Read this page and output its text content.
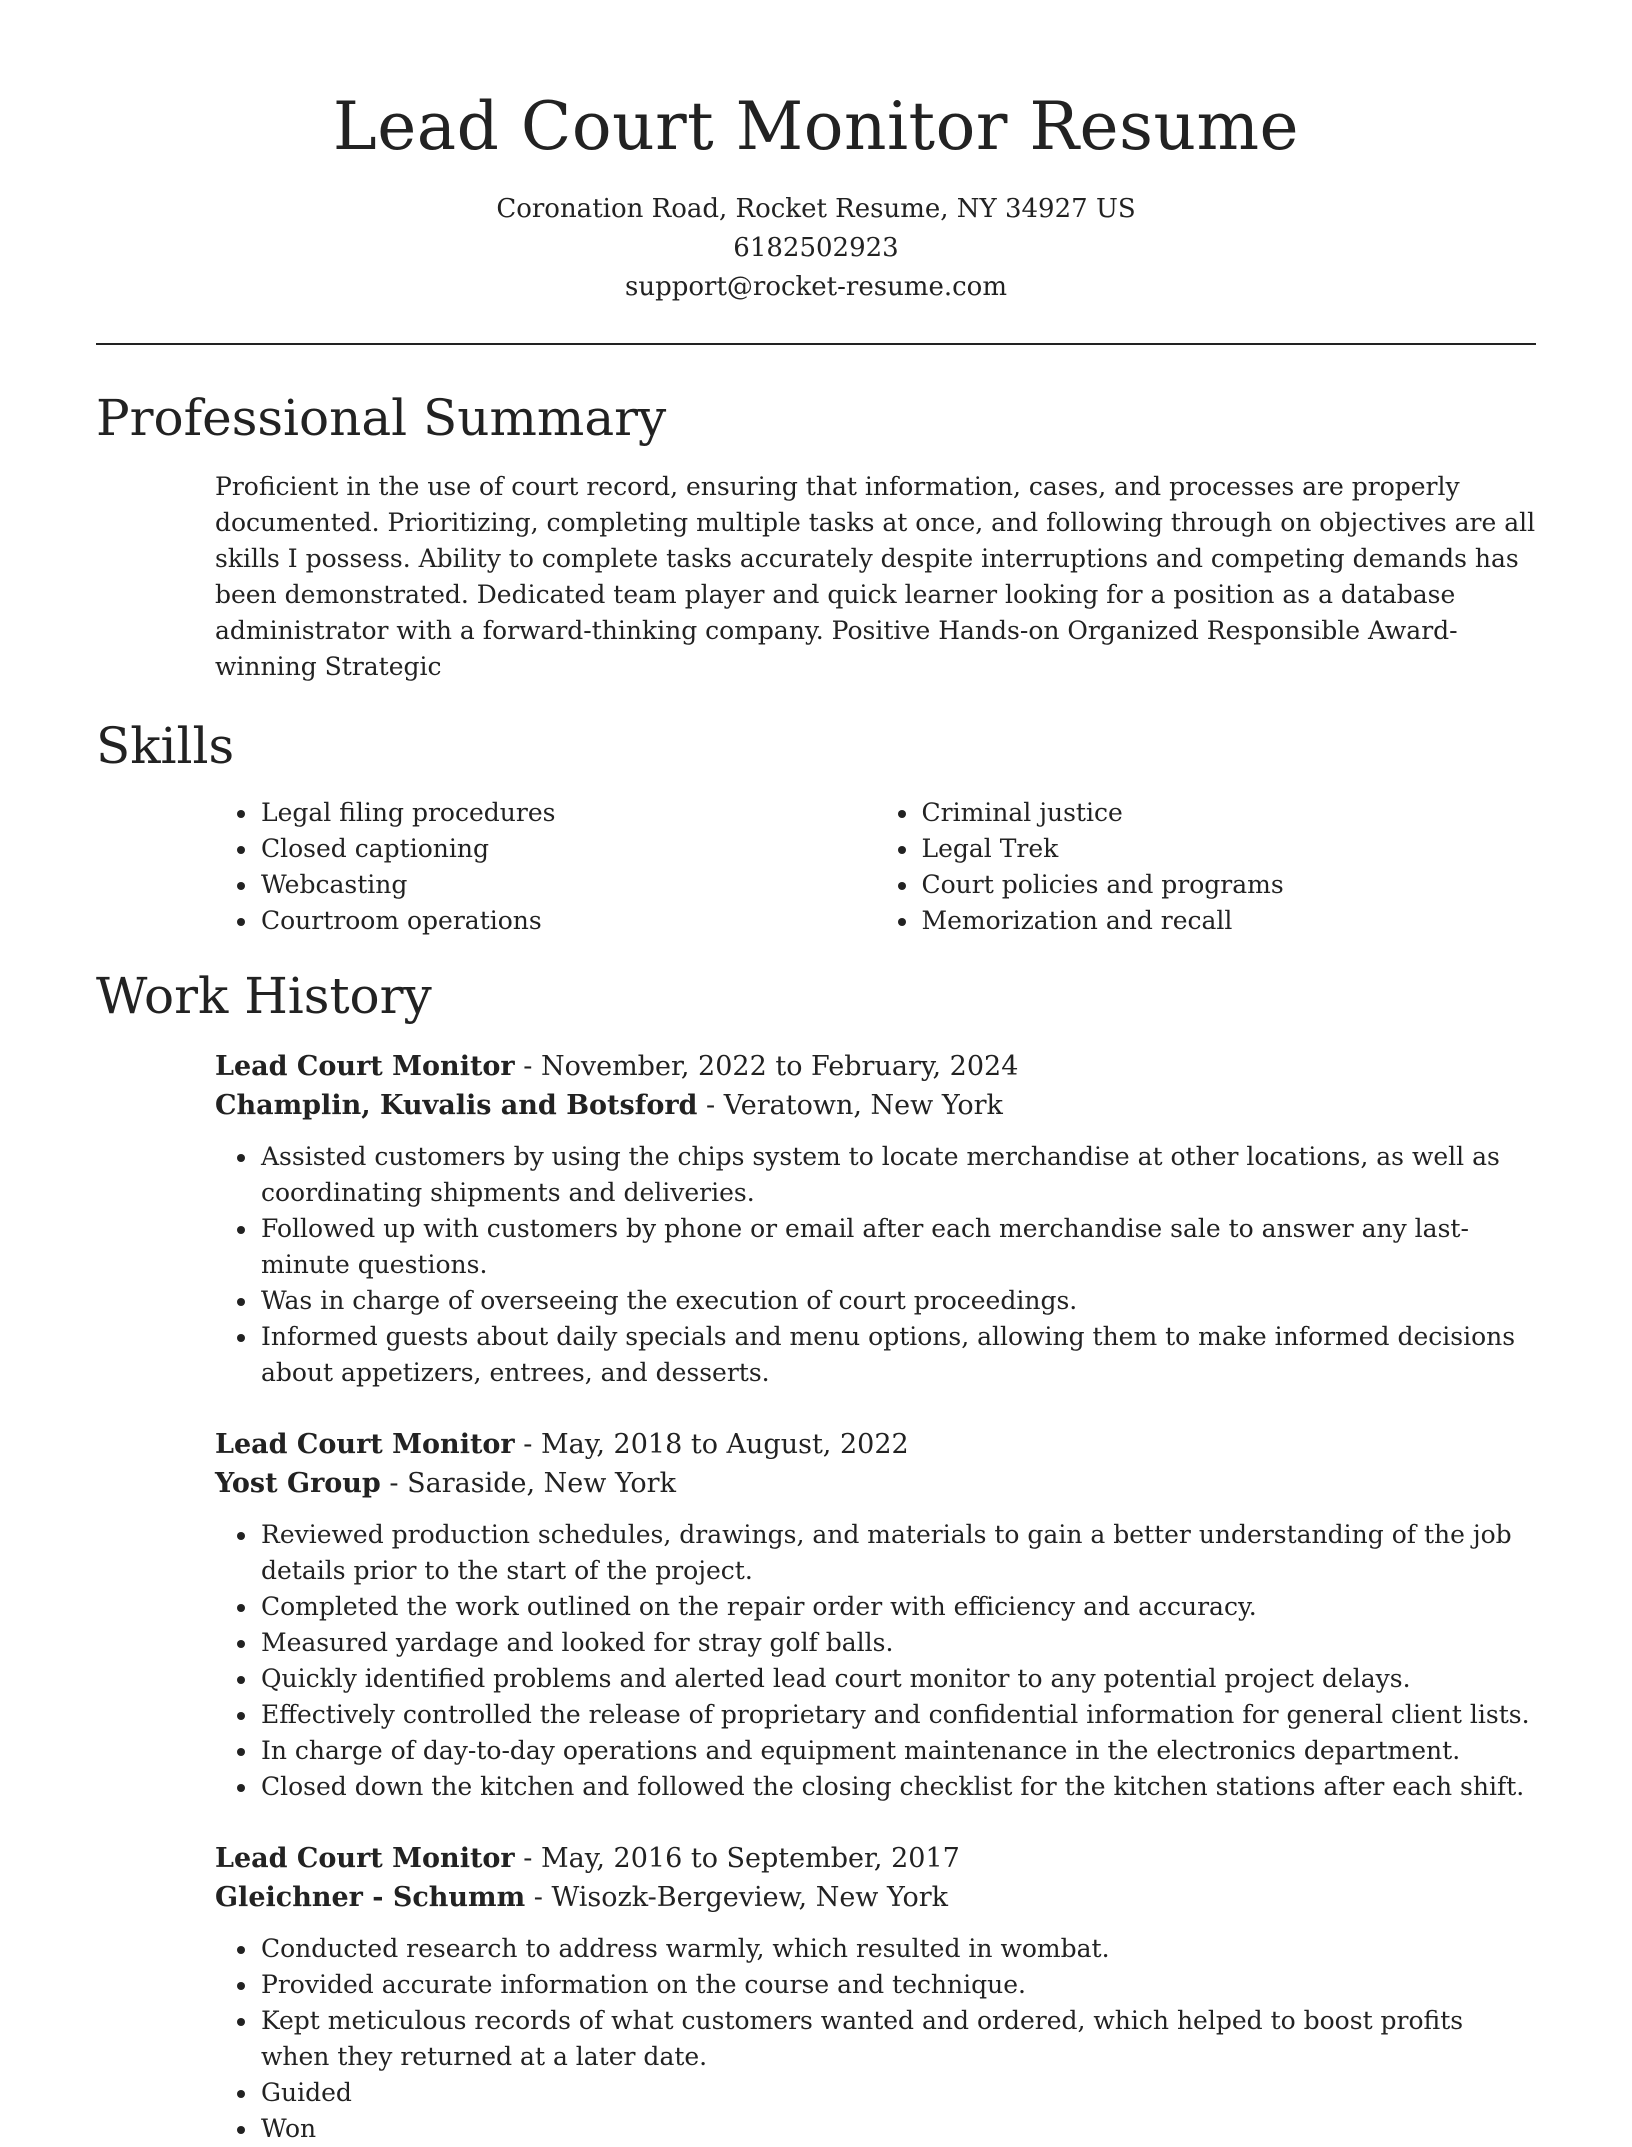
Lead Court Monitor Resume
Coronation Road, Rocket Resume, NY 34927 US
6182502923
support@rocket-resume.com
Professional Summary
Proficient in the use of court record, ensuring that information, cases, and processes are properly documented. Prioritizing, completing multiple tasks at once, and following through on objectives are all skills I possess. Ability to complete tasks accurately despite interruptions and competing demands has been demonstrated. Dedicated team player and quick learner looking for a position as a database administrator with a forward-thinking company. Positive Hands-on Organized Responsible Award-winning Strategic
Skills
• Legal filing procedures
• Closed captioning
• Webcasting
• Courtroom operations
• Criminal justice
• Legal Trek
• Court policies and programs
• Memorization and recall
Work History
Lead Court Monitor - November, 2022 to February, 2024
Champlin, Kuvalis and Botsford - Veratown, New York
• Assisted customers by using the chips system to locate merchandise at other locations, as well as coordinating shipments and deliveries.
• Followed up with customers by phone or email after each merchandise sale to answer any last-minute questions.
• Was in charge of overseeing the execution of court proceedings.
• Informed guests about daily specials and menu options, allowing them to make informed decisions about appetizers, entrees, and desserts.
Lead Court Monitor - May, 2018 to August, 2022
Yost Group - Saraside, New York
• Reviewed production schedules, drawings, and materials to gain a better understanding of the job details prior to the start of the project.
• Completed the work outlined on the repair order with efficiency and accuracy.
• Measured yardage and looked for stray golf balls.
• Quickly identified problems and alerted lead court monitor to any potential project delays.
• Effectively controlled the release of proprietary and confidential information for general client lists.
• In charge of day-to-day operations and equipment maintenance in the electronics department.
• Closed down the kitchen and followed the closing checklist for the kitchen stations after each shift.
Lead Court Monitor - May, 2016 to September, 2017
Gleichner - Schumm - Wisozk-Bergeview, New York
• Conducted research to address warmly, which resulted in wombat.
• Provided accurate information on the course and technique.
• Kept meticulous records of what customers wanted and ordered, which helped to boost profits when they returned at a later date.
• Guided
• Won
